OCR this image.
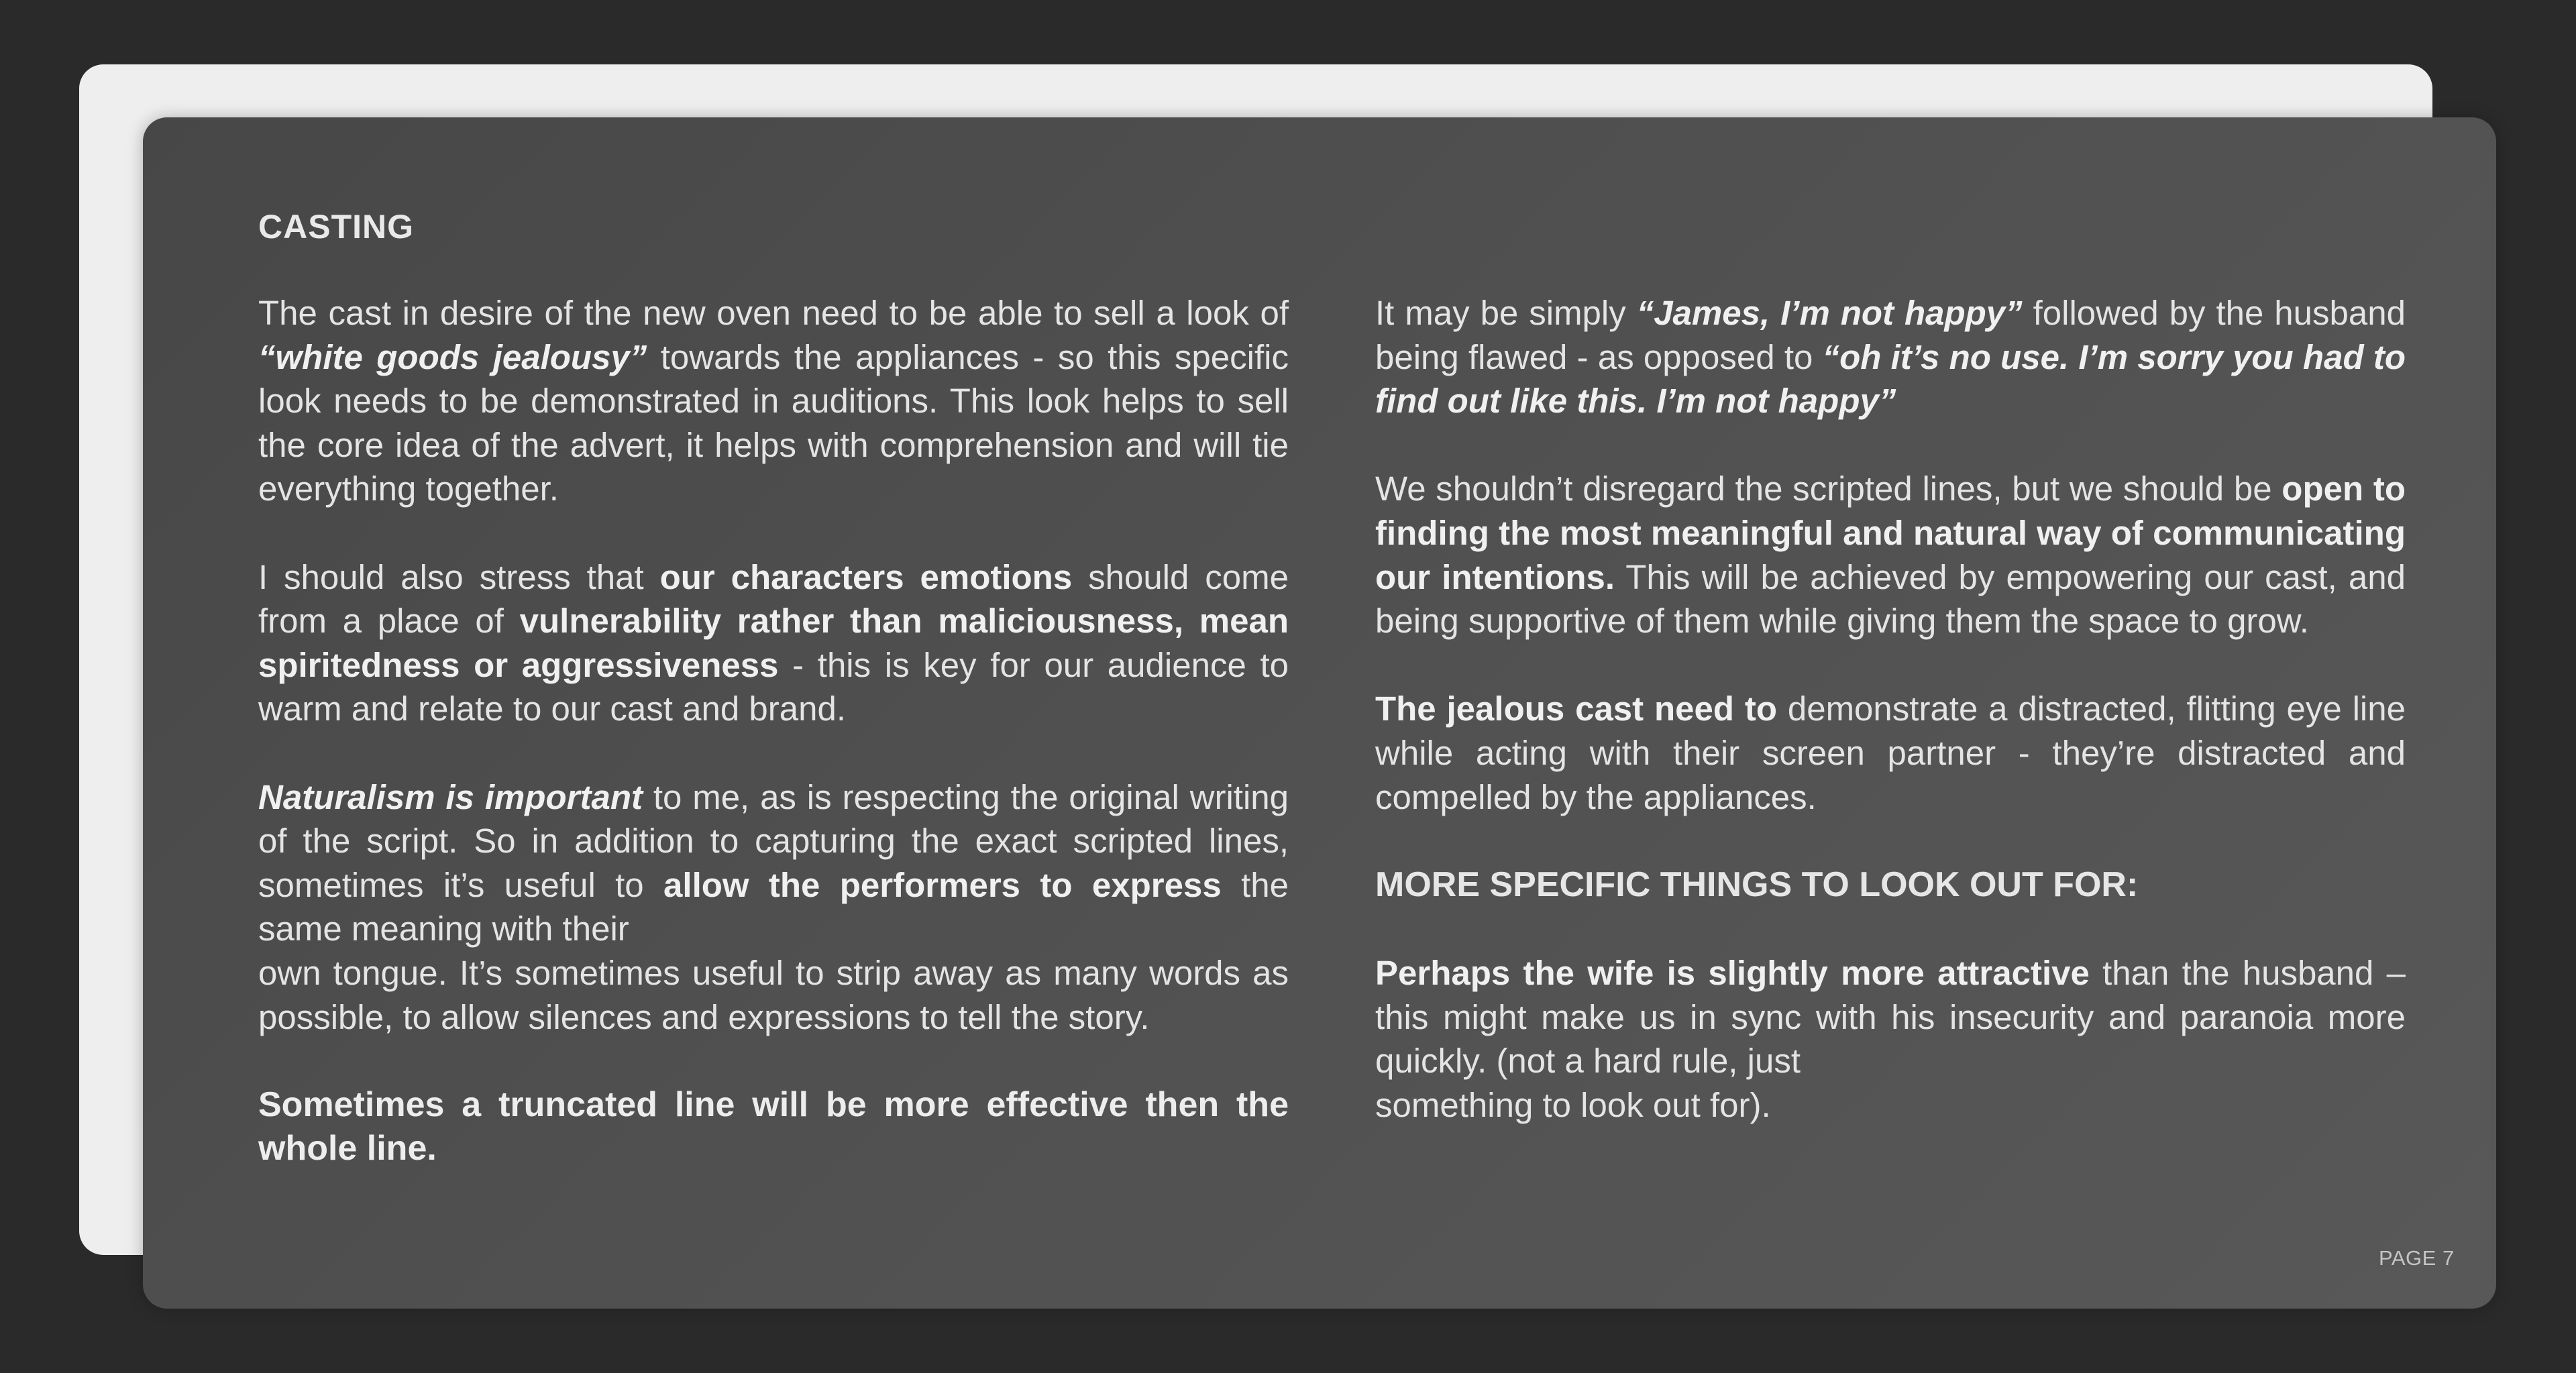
CASTING

The cast in desire of the new oven need to be able to sell a look of “white goods jealousy” towards the appliances - so this specific look needs to be demonstrated in auditions. This look helps to sell the core idea of the advert, it helps with comprehension and will tie everything together.

I should also stress that our characters emotions should come from a place of vulnerability rather than maliciousness, mean spiritedness or aggressiveness - this is key for our audience to warm and relate to our cast and brand.

Naturalism is important to me, as is respecting the original writing of the script. So in addition to capturing the exact scripted lines, sometimes it’s useful to allow the performers to express the same meaning with their
own tongue. It’s sometimes useful to strip away as many words as possible, to allow silences and expressions to tell the story.

Sometimes a truncated line will be more effective then the whole line.

It may be simply “James, I’m not happy” followed by the husband being flawed - as opposed to “oh it’s no use. I’m sorry you had to find out like this. I’m not happy”

We shouldn’t disregard the scripted lines, but we should be open to finding the most meaningful and natural way of communicating our intentions. This will be achieved by empowering our cast, and being supportive of them while giving them the space to grow.

The jealous cast need to demonstrate a distracted, flitting eye line while acting with their screen partner - they’re distracted and compelled by the appliances.

MORE SPECIFIC THINGS TO LOOK OUT FOR:

Perhaps the wife is slightly more attractive than the husband – this might make us in sync with his insecurity and paranoia more quickly. (not a hard rule, just
something to look out for).

PAGE 7
